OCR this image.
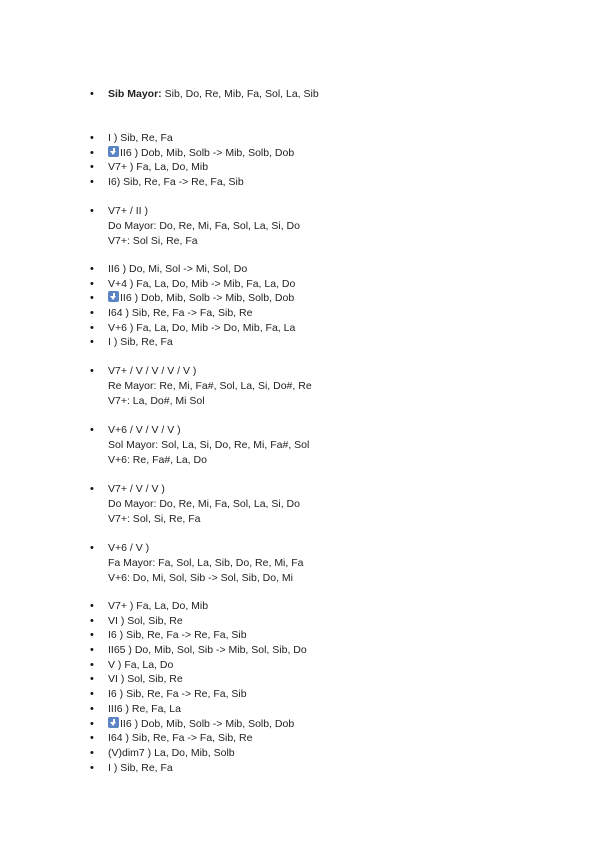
• Sib Mayor: Sib, Do, Re, Mib, Fa, Sol, La, Sib
• I ) Sib, Re, Fa
• II6 ) Dob, Mib, Solb -> Mib, Solb, Dob
• V7+ ) Fa, La, Do, Mib
• I6) Sib, Re, Fa -> Re, Fa, Sib
• V7+ / II )
Do Mayor: Do, Re, Mi, Fa, Sol, La, Si, Do
V7+: Sol Si, Re, Fa
• II6 ) Do, Mi, Sol -> Mi, Sol, Do
• V+4 ) Fa, La, Do, Mib -> Mib, Fa, La, Do
• II6 ) Dob, Mib, Solb -> Mib, Solb, Dob
• I64 ) Sib, Re, Fa -> Fa, Sib, Re
• V+6 ) Fa, La, Do, Mib -> Do, Mib, Fa, La
• I ) Sib, Re, Fa
• V7+ / V / V / V / V )
Re Mayor: Re, Mi, Fa#, Sol, La, Si, Do#, Re
V7+: La, Do#, Mi Sol
• V+6 / V / V / V )
Sol Mayor: Sol, La, Si, Do, Re, Mi, Fa#, Sol
V+6: Re, Fa#, La, Do
• V7+ / V / V )
Do Mayor: Do, Re, Mi, Fa, Sol, La, Si, Do
V7+: Sol, Si, Re, Fa
• V+6 / V )
Fa Mayor: Fa, Sol, La, Sib, Do, Re, Mi, Fa
V+6: Do, Mi, Sol, Sib -> Sol, Sib, Do, Mi
• V7+ ) Fa, La, Do, Mib
• VI ) Sol, Sib, Re
• I6 ) Sib, Re, Fa -> Re, Fa, Sib
• II65 ) Do, Mib, Sol, Sib -> Mib, Sol, Sib, Do
• V ) Fa, La, Do
• VI ) Sol, Sib, Re
• I6 ) Sib, Re, Fa -> Re, Fa, Sib
• III6 ) Re, Fa, La
• II6 ) Dob, Mib, Solb -> Mib, Solb, Dob
• I64 ) Sib, Re, Fa -> Fa, Sib, Re
• (V)dim7 ) La, Do, Mib, Solb
• I ) Sib, Re, Fa
